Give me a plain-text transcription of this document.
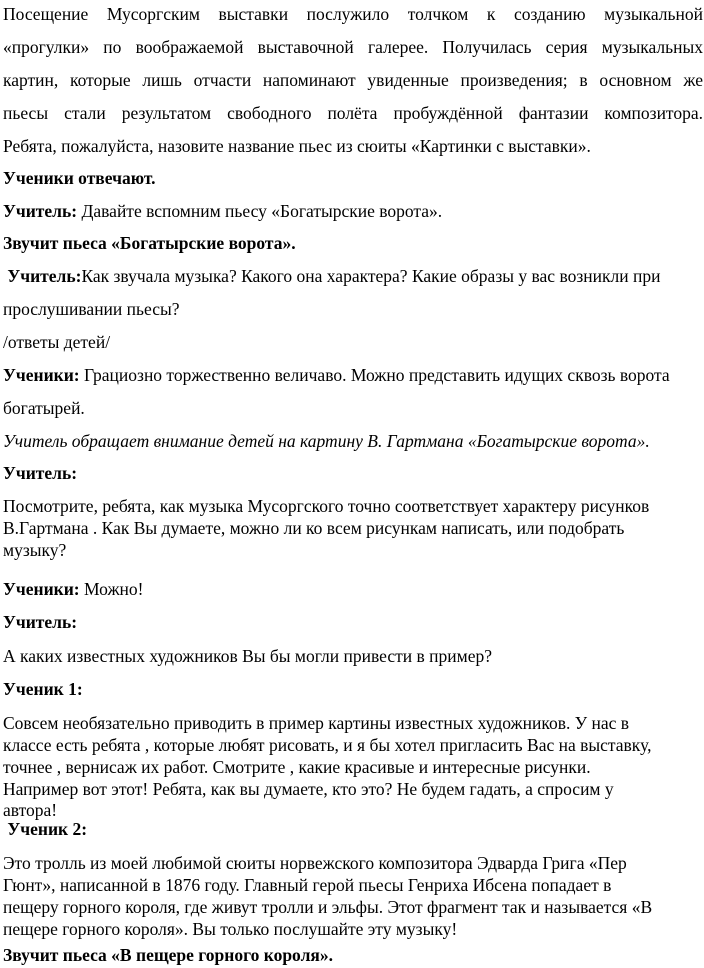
Посещение Мусоргским выставки послужило толчком к созданию музыкальной
«прогулки» по воображаемой выставочной галерее. Получилась серия музыкальных
картин, которые лишь отчасти напоминают увиденные произведения; в основном же
пьесы стали результатом свободного полёта пробуждённой фантазии композитора.
Ребята, пожалуйста, назовите название пьес из сюиты «Картинки с выставки».
Ученики отвечают.
Учитель: Давайте вспомним пьесу «Богатырские ворота».
Звучит пьеса «Богатырские ворота».
Учитель:Как звучала музыка? Какого она характера? Какие образы у вас возникли при
прослушивании пьесы?
/ответы детей/
Ученики: Грациозно торжественно величаво. Можно представить идущих сквозь ворота
богатырей.
Учитель обращает внимание детей на картину В. Гартмана «Богатырские ворота».
Учитель:
Посмотрите, ребята, как музыка Мусоргского точно соответствует характеру рисунков
В.Гартмана . Как Вы думаете, можно ли ко всем рисункам написать, или подобрать
музыку?
Ученики: Можно!
Учитель:
А каких известных художников Вы бы могли привести в пример?
Ученик 1:
Совсем необязательно приводить в пример картины известных художников. У нас в
классе есть ребята , которые любят рисовать, и я бы хотел пригласить Вас на выставку,
точнее , вернисаж их работ. Смотрите , какие красивые и интересные рисунки.
Например вот этот! Ребята, как вы думаете, кто это? Не будем гадать, а спросим у
автора!
Ученик 2:
Это тролль из моей любимой сюиты норвежского композитора Эдварда Грига «Пер
Гюнт», написанной в 1876 году. Главный герой пьесы Генриха Ибсена попадает в
пещеру горного короля, где живут тролли и эльфы. Этот фрагмент так и называется «В
пещере горного короля». Вы только послушайте эту музыку!
Звучит пьеса «В пещере горного короля».
